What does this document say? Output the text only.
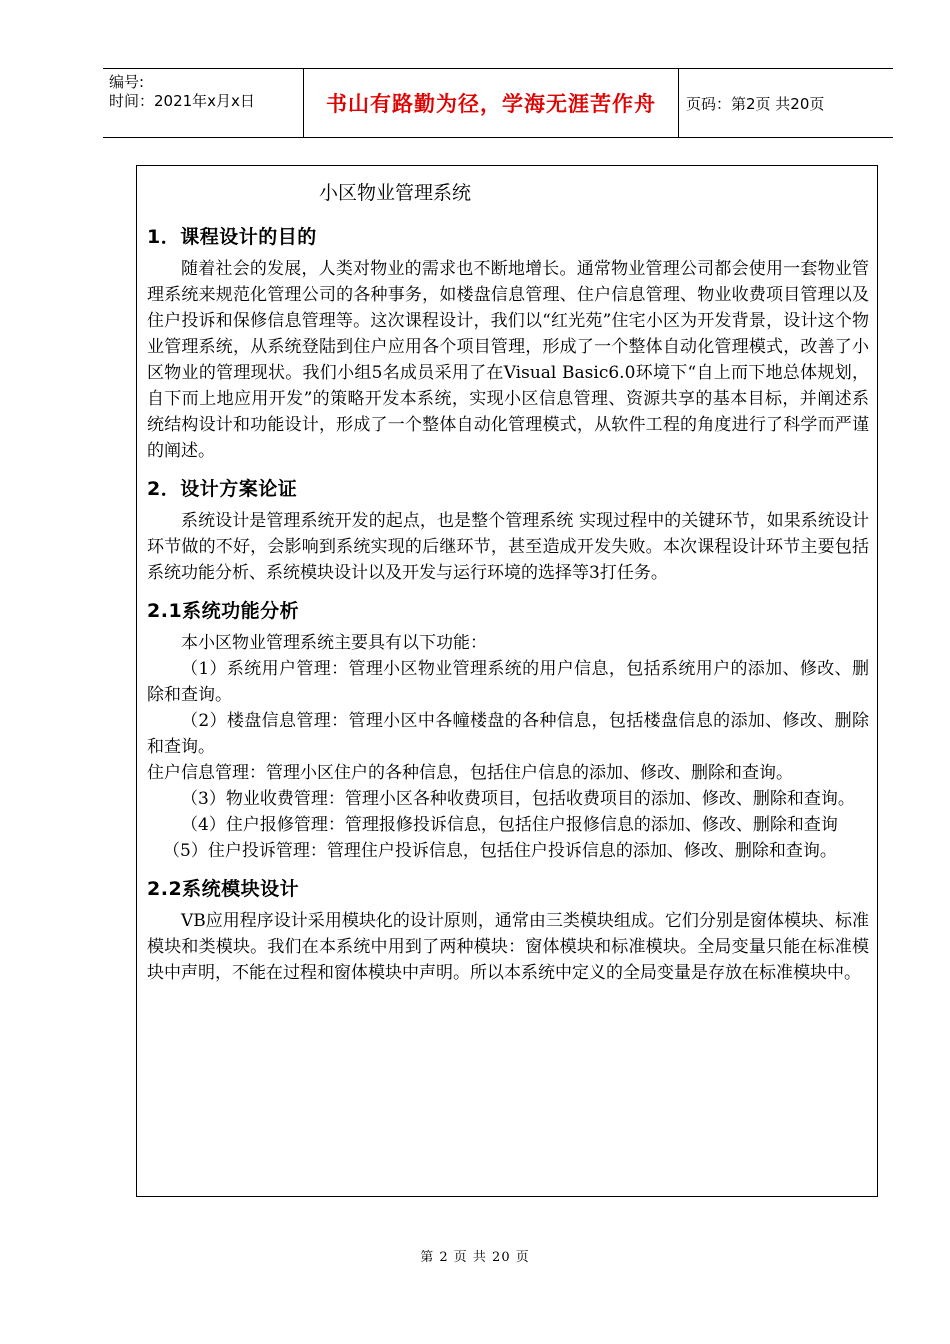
编号:
时间：2021年x月x日	书山有路勤为径，学海无涯苦作舟 页码：第2页 共20页
小区物业管理系统
1．课程设计的目的

随着社会的发展，人类对物业的需求也不断地增长。通常物业管理公司都会使用一套物业管理系统来规范化管理公司的各种事务，如楼盘信息管理、住户信息管理、物业收费项目管理以及住户投诉和保修信息管理等。这次课程设计，我们以“红光苑”住宅小区为开发背景，设计这个物业管理系统，从系统登陆到住户应用各个项目管理，形成了一个整体自动化管理模式，改善了小区物业的管理现状。我们小组5名成员采用了在Visual Basic6.0环境下“自上而下地总体规划，自下而上地应用开发”的策略开发本系统，实现小区信息管理、资源共享的基本目标，并阐述系统结构设计和功能设计，形成了一个整体自动化管理模式，从软件工程的角度进行了科学而严谨的阐述。

2．设计方案论证

系统设计是管理系统开发的起点，也是整个管理系统 实现过程中的关键环节，如果系统设计环节做的不好，会影响到系统实现的后继环节，甚至造成开发失败。本次课程设计环节主要包括系统功能分析、系统模块设计以及开发与运行环境的选择等3打任务。

2.1系统功能分析

本小区物业管理系统主要具有以下功能：

（1）系统用户管理：管理小区物业管理系统的用户信息，包括系统用户的添加、修改、删除和查询。

（2）楼盘信息管理：管理小区中各幢楼盘的各种信息，包括楼盘信息的添加、修改、删除和查询。

住户信息管理：管理小区住户的各种信息，包括住户信息的添加、修改、删除和查询。

（3）物业收费管理：管理小区各种收费项目，包括收费项目的添加、修改、删除和查询。

（4）住户报修管理：管理报修投诉信息，包括住户报修信息的添加、修改、删除和查询

（5）住户投诉管理：管理住户投诉信息，包括住户投诉信息的添加、修改、删除和查询。

2.2系统模块设计

VB应用程序设计采用模块化的设计原则，通常由三类模块组成。它们分别是窗体模块、标准模块和类模块。我们在本系统中用到了两种模块：窗体模块和标准模块。全局变量只能在标准模块中声明，不能在过程和窗体模块中声明。所以本系统中定义的全局变量是存放在标准模块中。

第 2 页 共 20 页
